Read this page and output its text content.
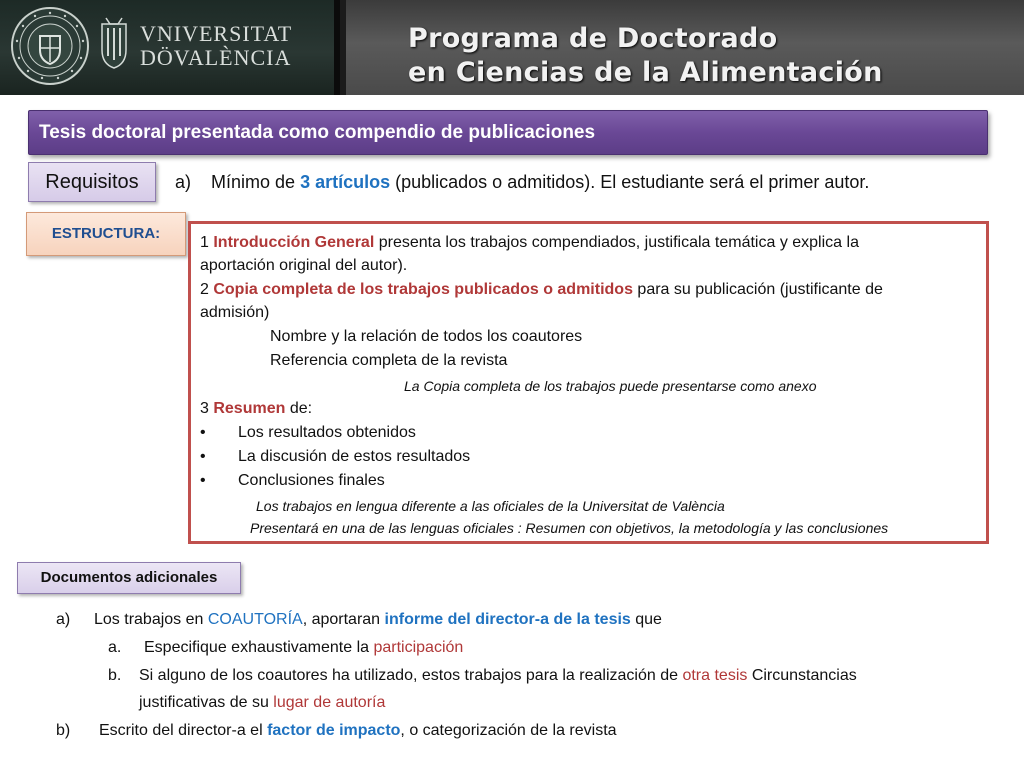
VNIVERSITAT
DÖVALÈNCIA
Programa de Doctorado
en Ciencias de la Alimentación
Tesis doctoral presentada como compendio de publicaciones
Requisitos	a) Mínimo de 3 artículos (publicados o admitidos). El estudiante será el primer autor.
ESTRUCTURA:
1 Introducción General presenta los trabajos compendiados, justificala temática y explica la
aportación original del autor).
2 Copia completa de los trabajos publicados o admitidos para su publicación (justificante de
admisión)
Nombre y la relación de todos los coautores
Referencia completa de la revista
La Copia completa de los trabajos puede presentarse como anexo
3 Resumen de:
• Los resultados obtenidos
• La discusión de estos resultados
• Conclusiones finales
Los trabajos en lengua diferente a las oficiales de la Universitat de València
Presentará en una de las lenguas oficiales : Resumen con objetivos, la metodología y las conclusiones
Documentos adicionales
a) Los trabajos en COAUTORÍA, aportaran informe del director-a de la tesis que
a. Especifique exhaustivamente la participación
b. Si alguno de los coautores ha utilizado, estos trabajos para la realización de otra tesis Circunstancias
justificativas de su lugar de autoría
b) Escrito del director-a el factor de impacto, o categorización de la revista
